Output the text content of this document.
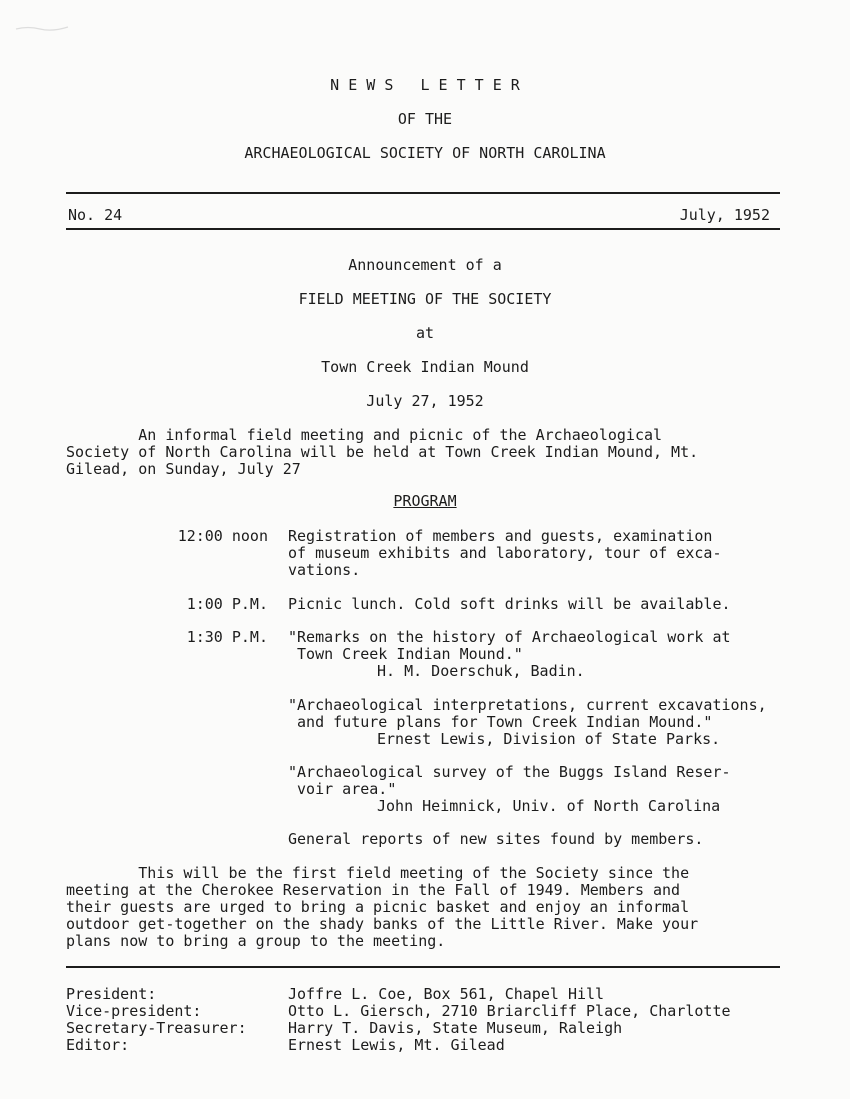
N E W S   L E T T E R
OF THE
ARCHAEOLOGICAL SOCIETY OF NORTH CAROLINA
No. 24	July, 1952
Announcement of a
FIELD MEETING OF THE SOCIETY
at
Town Creek Indian Mound
July 27, 1952
An informal field meeting and picnic of the Archaeological
Society of North Carolina will be held at Town Creek Indian Mound, Mt.
Gilead, on Sunday, July 27
PROGRAM
12:00 noon Registration of members and guests, examination
of museum exhibits and laboratory, tour of exca-
vations.
1:00 P.M. Picnic lunch. Cold soft drinks will be available.
1:30 P.M. "Remarks on the history of Archaeological work at
Town Creek Indian Mound."
H. M. Doerschuk, Badin.
"Archaeological interpretations, current excavations,
and future plans for Town Creek Indian Mound."
Ernest Lewis, Division of State Parks.
"Archaeological survey of the Buggs Island Reser-
voir area."
John Heimnick, Univ. of North Carolina
General reports of new sites found by members.
This will be the first field meeting of the Society since the
meeting at the Cherokee Reservation in the Fall of 1949. Members and
their guests are urged to bring a picnic basket and enjoy an informal
outdoor get-together on the shady banks of the Little River. Make your
plans now to bring a group to the meeting.
President:	Joffre L. Coe, Box 561, Chapel Hill
Vice-president:	Otto L. Giersch, 2710 Briarcliff Place, Charlotte
Secretary-Treasurer:	Harry T. Davis, State Museum, Raleigh
Editor:	Ernest Lewis, Mt. Gilead
